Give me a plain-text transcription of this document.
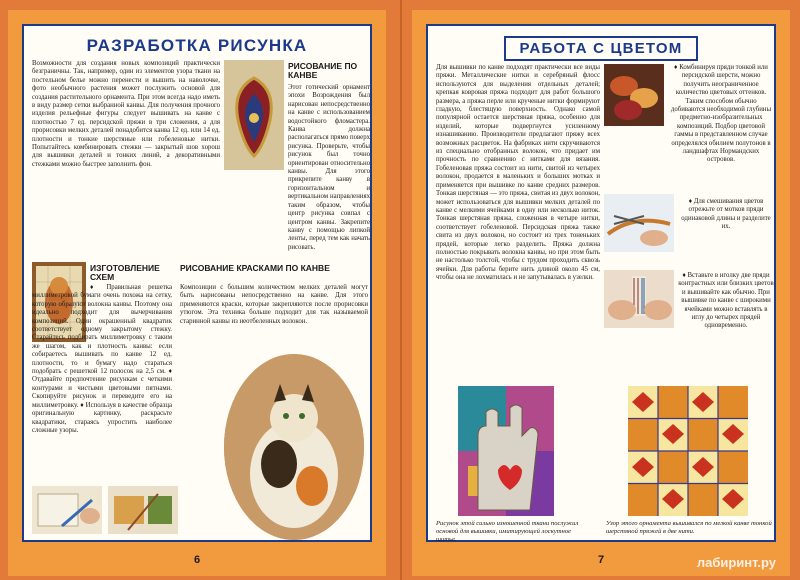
РАЗРАБОТКА РИСУНКА
Возможности для создания новых композиций практически безграничны. Так, например, один из элементов узора ткани на постельном белье можно перенести и вышить на наволочке, фото необычного растения может послужить основой для создания растительного орнамента. При этом всегда надо иметь в виду размер сетки выбранной канвы. Для получения прочного изделия рельефные фигуры следует вышивать на канве с плотностью 7 ед. персидской пряжи в три сложения, а для прорисовки мелких деталей понадобится канва 12 ед. или 14 ед. плотности и тонкие шерстяные или гобеленовые нитки. Попытайтесь комбинировать стежки — закрытый шов хорош для вышивки деталей и тонких линий, а декоративными стежками можно быстрее заполнить фон.
РИСОВАНИЕ ПО КАНВЕ
Этот готический орнамент эпохи Возрождения был нарисован непосредственно на канве с использованием водостойкого фломастера. Канва должна располагаться прямо поверх рисунка. Проверьте, чтобы рисунок был точно ориентирован относительно канвы. Для этого прикрепите канву в горизонтальном и вертикальном направлениях таким образом, чтобы центр рисунка совпал с центром канвы. Закрепите канву с помощью липкой ленты, перед тем как начать рисовать.
ИЗГОТОВЛЕНИЕ СХЕМ
♦ Правильная решетка миллиметровой бумаги очень похожа на сетку, которую образуют волокна канвы. Поэтому она идеально подходит для вычерчивания композиций. Один окрашенный квадратик соответствует одному закрытому стежку. Старайтесь подбирать миллиметровку с таким же шагом, как и плотность канвы: если собираетесь вышивать по канве 12 ед. плотности, то и бумагу надо стараться подобрать с решеткой 12 полосок на 2,5 см. ♦ Отдавайте предпочтение рисункам с четкими контурами и чистыми цветовыми пятнами. Скопируйте рисунок и переведите его на миллиметровку. ♦ Используя в качестве образца оригинальную картинку, раскрасьте квадратики, стараясь упростить наиболее сложные узоры.
РИСОВАНИЕ КРАСКАМИ ПО КАНВЕ
Композиции с большим количеством мелких деталей могут быть нарисованы непосредственно на канве. Для этого применяются краски, которые закрепляются после прорисовки утюгом. Эта техника больше подходит для так называемой старинной канвы из неотбеленных волокон.
6
РАБОТА С ЦВЕТОМ
Для вышивки по канве подходят практически все виды пряжи. Металлические нитки и серебряный флосс используются для выделения отдельных деталей; крепкая ковровая пряжа подходит для работ большого размера, а пряжа перле или крученые нитки формируют гладкую, блестящую поверхность. Однако самой популярной остается шерстяная пряжа, особенно для изделий, которые подвергнутся усиленному изнашиванию. Производители предлагают пряжу всех возможных расцветок. На фабриках нити скручиваются из специально отобранных волокон, что придает им прочность по сравнению с нитками для вязания. Гобеленовая пряжа состоит из нити, свитой из четырех волокон, продается в маленьких и больших мотках и применяется при вышивке по канве средних размеров. Тонкая шерстяная — это пряжа, свитая из двух волокон, может использоваться для вышивки мелких деталей по канве с мелкими ячейками в одну или несколько ниток. Тонкая шерстяная пряжа, сложенная в четыре нитки, соответствует гобеленовой. Персидская пряжа также свита из двух волокон, но состоит из трех тоненьких прядей, которые легко разделить. Пряжа должна полностью покрывать волокна канвы, но при этом быть не настолько толстой, чтобы с трудом проходить сквозь ячейки. Для работы берите нить длиной около 45 см, чтобы она не лохматилась и не запутывалась в узелки.
♦ Комбинируя пряди тонкой или персидской шерсти, можно получить неограниченное количество цветовых оттенков. Таким способом обычно добиваются необходимой глубины предметно-изобразительных композиций. Подбор цветовой гаммы в представленном случае определялся обилием полутонов в ландшафтах Нормандских островов.
♦ Для смешивания цветов отрежьте от мотков пряди одинаковой длины и разделите их.
♦ Вставьте в иголку две пряди контрастных или близких цветов и вышивайте как обычно. При вышивке по канве с широкими ячейками можно вставлять в иглу до четырех прядей одновременно.
Рисунок этой сильно изношенной ткани послужил основой для вышивки, имитирующей лоскутное шитье.
Узор этого орнамента вышивался по мелкой канве тонкой шерстяной пряжей в две нити.
7	лабиринт.ру
